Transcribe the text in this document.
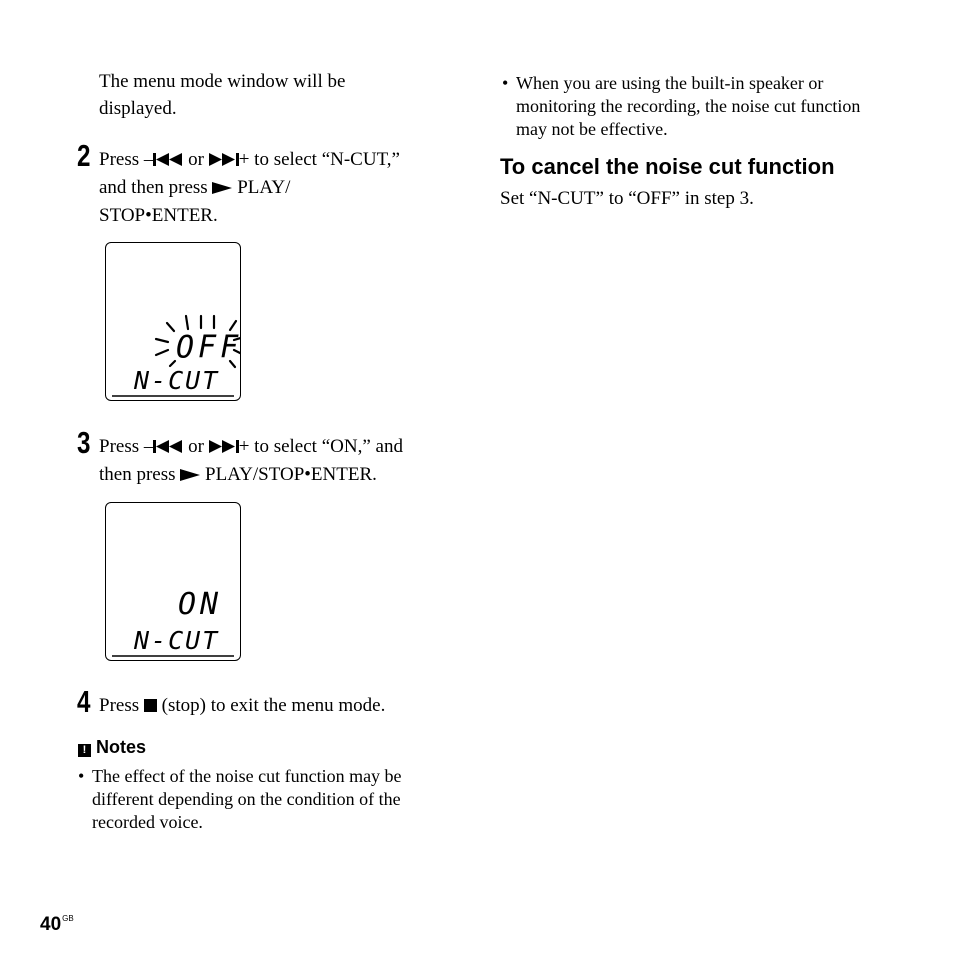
The menu mode window will be
displayed.
2 Press – or + to select “N-CUT,”
and then press PLAY/
STOP•ENTER.
OFF
N-CUT
3 Press – or + to select “ON,” and
then press PLAY/STOP•ENTER.
ON
N-CUT
4 Press (stop) to exit the menu mode.
! Notes
• The effect of the noise cut function may be different depending on the condition of the recorded voice.
• When you are using the built-in speaker or monitoring the recording, the noise cut function may not be effective.
To cancel the noise cut function
Set “N-CUT” to “OFF” in step 3.
$40^{GB}$
